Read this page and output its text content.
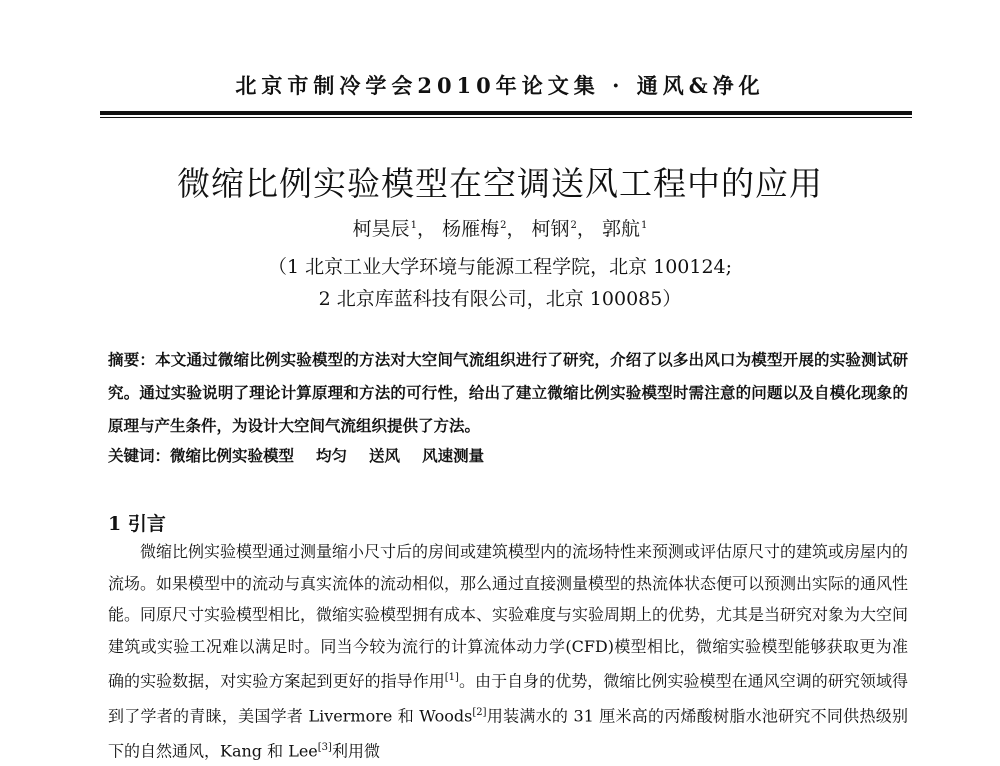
北京市制冷学会2010年论文集 · 通风&净化
微缩比例实验模型在空调送风工程中的应用
柯昊辰$^1$， 杨雁梅$^2$， 柯钢$^2$， 郭航$^1$
（1 北京工业大学环境与能源工程学院，北京 100124;
2 北京库蓝科技有限公司，北京 100085）
摘要：本文通过微缩比例实验模型的方法对大空间气流组织进行了研究，介绍了以多出风口为模型开展的实验测试研究。通过实验说明了理论计算原理和方法的可行性，给出了建立微缩比例实验模型时需注意的问题以及自模化现象的原理与产生条件，为设计大空间气流组织提供了方法。
关键词：微缩比例实验模型 均匀 送风 风速测量
1 引言

微缩比例实验模型通过测量缩小尺寸后的房间或建筑模型内的流场特性来预测或评估原尺寸的建筑或房屋内的流场。如果模型中的流动与真实流体的流动相似，那么通过直接测量模型的热流体状态便可以预测出实际的通风性能。同原尺寸实验模型相比，微缩实验模型拥有成本、实验难度与实验周期上的优势，尤其是当研究对象为大空间建筑或实验工况难以满足时。同当今较为流行的计算流体动力学(CFD)模型相比，微缩实验模型能够获取更为准确的实验数据，对实验方案起到更好的指导作用[1]。由于自身的优势，微缩比例实验模型在通风空调的研究领域得到了学者的青睐，美国学者 Livermore 和 Woods[2]用装满水的 31 厘米高的丙烯酸树脂水池研究不同供热级别下的自然通风，Kang 和 Lee[3]利用微
